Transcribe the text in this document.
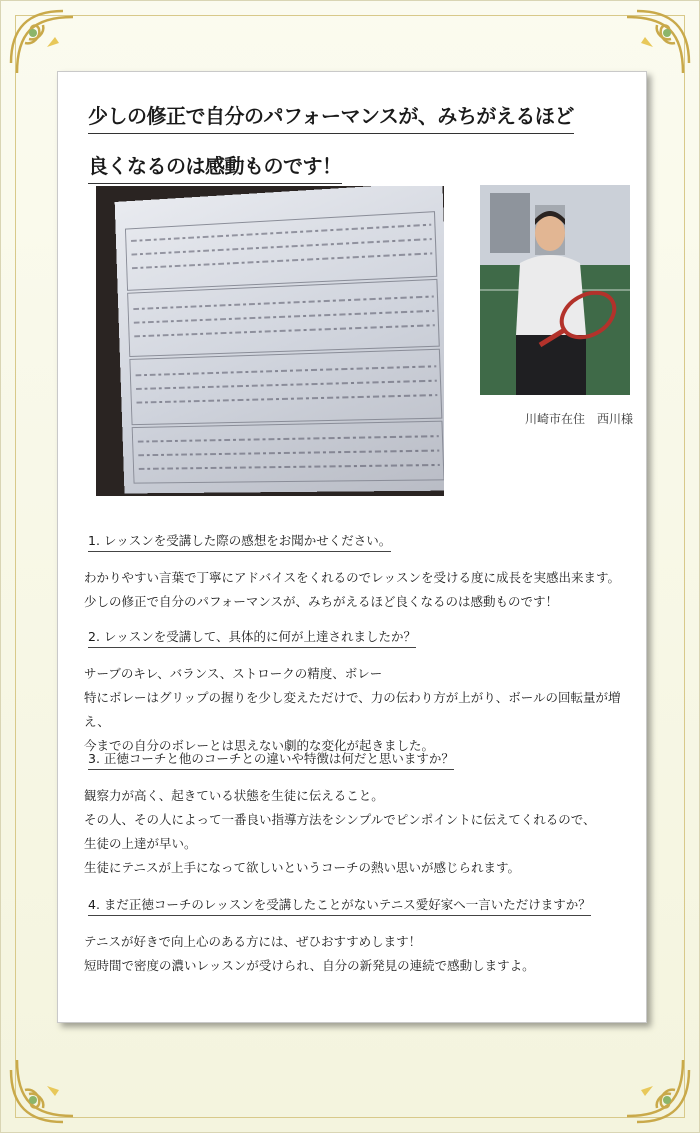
少しの修正で自分のパフォーマンスが、みちがえるほど
良くなるのは感動ものです！
川崎市在住　西川様
1. レッスンを受講した際の感想をお聞かせください。

わかりやすい言葉で丁寧にアドバイスをくれるのでレッスンを受ける度に成長を実感出来ます。

少しの修正で自分のパフォーマンスが、みちがえるほど良くなるのは感動ものです！

2. レッスンを受講して、具体的に何が上達されましたか？

サーブのキレ、バランス、ストロークの精度、ボレー

特にボレーはグリップの握りを少し変えただけで、力の伝わり方が上がり、ボールの回転量が増え、

今までの自分のボレーとは思えない劇的な変化が起きました。

3. 正徳コーチと他のコーチとの違いや特徴は何だと思いますか？

観察力が高く、起きている状態を生徒に伝えること。

その人、その人によって一番良い指導方法をシンプルでピンポイントに伝えてくれるので、

生徒の上達が早い。

生徒にテニスが上手になって欲しいというコーチの熱い思いが感じられます。

4. まだ正徳コーチのレッスンを受講したことがないテニス愛好家へ一言いただけますか？

テニスが好きで向上心のある方には、ぜひおすすめします！

短時間で密度の濃いレッスンが受けられ、自分の新発見の連続で感動しますよ。
